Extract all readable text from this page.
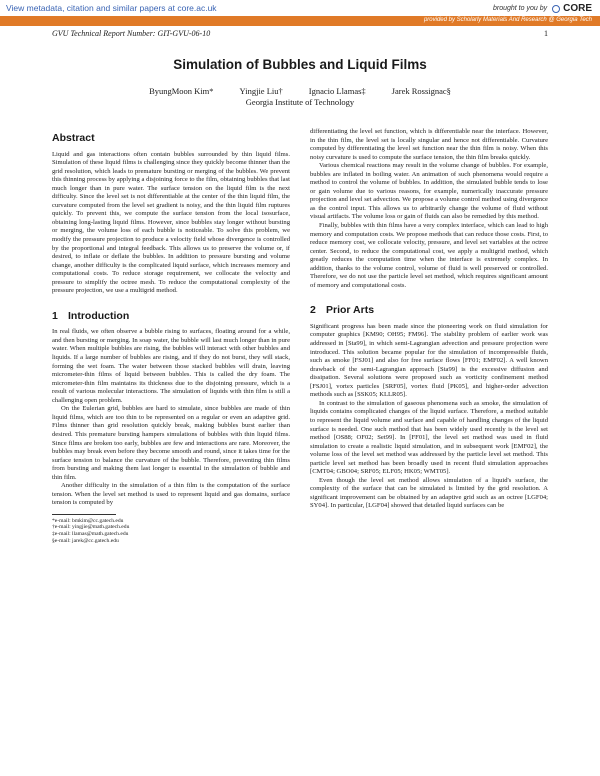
View metadata, citation and similar papers at core.ac.uk	brought to you by CORE
provided by Scholarly Materials And Research @ Georgia Tech
GVU Technical Report Number: GIT-GVU-06-10	1
Simulation of Bubbles and Liquid Films
ByungMoon Kim*	Yingjie Liu†	Ignacio Llamas‡	Jarek Rossignac§
Georgia Institute of Technology
Abstract

Liquid and gas interactions often contain bubbles surrounded by thin liquid films. Simulation of these liquid films is challenging since they quickly become thinner than the grid resolution, which leads to premature bursting or merging of the bubbles. We prevent this thinning process by applying a disjoining force to the film, obtaining bubbles that last much longer than in pure water. The surface tension on the liquid film is the next difficulty. Since the level set is not differentiable at the center of the thin liquid film, the curvature computed from the level set gradient is noisy, and the thin liquid film ruptures quickly. To prevent this, we compute the surface tension from the local isosurface, obtaining long-lasting liquid films. However, since bubbles stay longer without bursting or merging, the volume loss of each bubble is noticeable. To solve this problem, we modify the pressure projection to produce a velocity field whose divergence is controlled by the proportional and integral feedback. This allows us to preserve the volume or, if desired, to inflate or deflate the bubbles. In addition to pressure bursting and volume change, another difficulty is the complicated liquid surface, which increases memory and computational costs. To reduce storage requirement, we collocate the velocity and pressure to simplify the octree mesh. To reduce the computational complexity of the pressure projection, we use a multigrid method.

1 Introduction

In real fluids, we often observe a bubble rising to surfaces, floating around for a while, and then bursting or merging. In soap water, the bubble will last much longer than in pure water. When multiple bubbles are rising, the bubbles will interact with other bubbles and liquids. If a large number of bubbles are rising, and if they do not burst, they will stack, forming the wet foam. The water between those stacked bubbles will drain, leaving micrometer-thin films of liquid between bubbles. This is called the dry foam. The micrometer-thin film maintains its thickness due to the disjoining pressure, which is a result of various molecular interactions. The simulation of liquids with thin film is still a challenging open problem.

On the Eulerian grid, bubbles are hard to simulate, since bubbles are made of thin liquid films, which are too thin to be represented on a regular or even an adaptive grid. Films thinner than grid resolution quickly break, making bubbles burst earlier than desired. This premature bursting hampers simulations of bubbles with thin liquid films. Since films are broken too early, bubbles are few and interactions are rare. Moreover, the bubbles may break even before they become smooth and round, since it takes time for the surface tension to balance the curvature of the bubble. Therefore, preventing thin films from bursting and making them last longer is essential in the simulation of bubble and thin film.

Another difficulty in the simulation of a thin film is the computation of the surface tension. When the level set method is used to represent liquid and gas domains, surface tension is computed by

*e-mail: bmkim@cc.gatech.edu

†e-mail: yingjie@math.gatech.edu

‡e-mail: llamas@math.gatech.edu

§e-mail: jarek@cc.gatech.edu

differentiating the level set function, which is differentiable near the interface. However, in the thin film, the level set is locally singular and hence not differentiable. Curvature computed by differentiating the level set function near the thin film is noisy. When this noisy curvature is used to compute the surface tension, the thin film breaks quickly.

Various chemical reactions may result in the volume change of bubbles. For example, bubbles are inflated in boiling water. An animation of such phenomena would require a method to control the volume of bubbles. In addition, the simulated bubble tends to lose or gain volume due to various reasons, for example, numerically inaccurate pressure projection and level set advection. We propose a volume control method using divergence as the control input. This allows us to arbitrarily change the volume of fluid without visual artifacts. The volume loss or gain of fluids can also be remedied by this method.

Finally, bubbles with thin films have a very complex interface, which can lead to high memory and computation costs. We propose methods that can reduce those costs. First, to reduce memory cost, we collocate velocity, pressure, and level set variables at the octree center. Second, to reduce the computational cost, we apply a multigrid method, which greatly reduces the computation time when the interface is extremely complex. In addition, thanks to the volume control, volume of fluid is well preserved or controlled. Therefore, we do not use the particle level set method, which requires significant amount of memory and computational costs.

2 Prior Arts

Significant progress has been made since the pioneering work on fluid simulation for computer graphics [KM90; OH95; FM96]. The stability problem of earlier work was addressed in [Sta99], in which semi-Lagrangian advection and pressure projection were introduced. This solution became popular for the simulation of incompressible fluids, such as smoke [FSJ01] and also for free surface flows [FF01; EMF02]. A well known drawback of the semi-Lagrangian approach [Sta99] is the excessive diffusion and dissipation. Several solutions were proposed such as vorticity confinement method [FSJ01], vortex particles [SRF05], vortex fluid [PK05], and higher-order advection methods such as [SSK05; KLLR05].

In contrast to the simulation of gaseous phenomena such as smoke, the simulation of liquids contains complicated changes of the liquid surface. Therefore, a method suitable to represent the liquid volume and surface and capable of handling changes of the liquid surface is needed. One such method that has been widely used recently is the level set method [OS88; OF02; Set99]. In [FF01], the level set method was used in fluid simulation to create a realistic liquid simulation, and in subsequent work [EMF02], the volume loss of the level set method was addressed by the particle level set method. This particle level set method has been broadly used in recent fluid simulation approaches [CMT04; GBO04; SRF05; ELF05; HK05; WMT05].

Even though the level set method allows simulation of a liquid's surface, the complexity of the surface that can be simulated is limited by the grid resolution. A significant improvement can be obtained by an adaptive grid such as an octree [LGF04; SY04]. In particular, [LGF04] showed that detailed liquid surfaces can be
